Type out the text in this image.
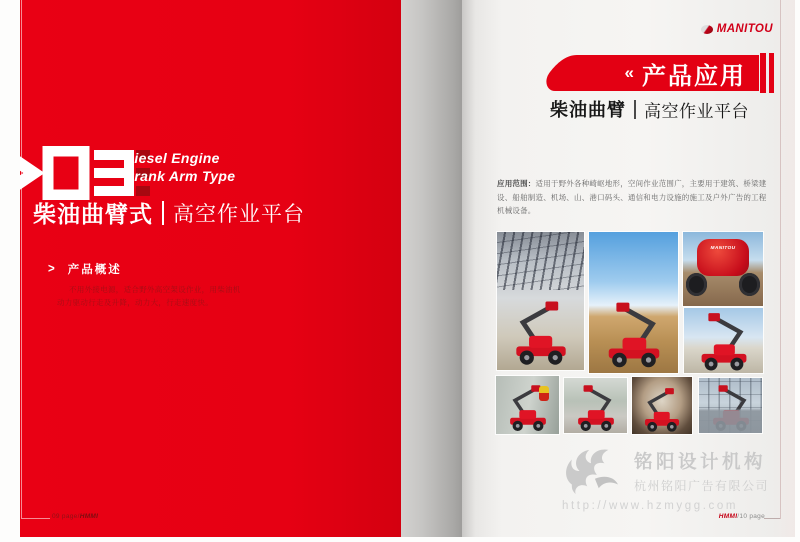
Diesel Engine
Crank Arm Type
柴油曲臂式 高空作业平台
> 产品概述
不用外接电源，适合野外高空架设作业，用柴油机动力驱动行走及升降，动力大，行走速度快。
09 page/HMMI
MANITOU
« 产品应用
柴油曲臂 高空作业平台
应用范围：适用于野外各种崎岖地形，空间作业范围广，主要用于建筑、桥梁建设、船舶制造、机场、山、港口码头、通信和电力设施的施工及户外广告的工程机械设备。
MANITOU
铭阳设计机构
杭州铭阳广告有限公司
http://www.hzmygg.com
HMMI/10 page
